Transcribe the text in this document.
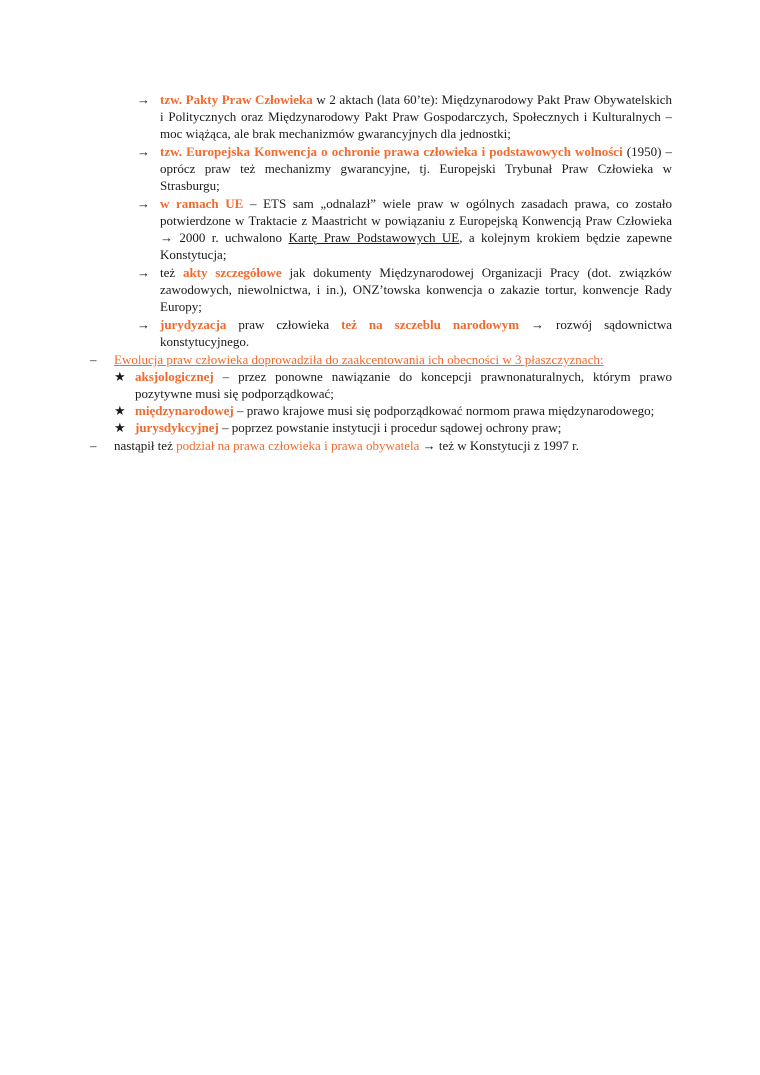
→ tzw. Pakty Praw Człowieka w 2 aktach (lata 60’te): Międzynarodowy Pakt Praw Obywatelskich i Politycznych oraz Międzynarodowy Pakt Praw Gospodarczych, Społecznych i Kulturalnych – moc wiążąca, ale brak mechanizmów gwarancyjnych dla jednostki;
→ tzw. Europejska Konwencja o ochronie prawa człowieka i podstawowych wolności (1950) – oprócz praw też mechanizmy gwarancyjne, tj. Europejski Trybunał Praw Człowieka w Strasburgu;
→ w ramach UE – ETS sam „odnalazł” wiele praw w ogólnych zasadach prawa, co zostało potwierdzone w Traktacie z Maastricht w powiązaniu z Europejską Konwencją Praw Człowieka → 2000 r. uchwalono Kartę Praw Podstawowych UE, a kolejnym krokiem będzie zapewne Konstytucja;
→ też akty szczegółowe jak dokumenty Międzynarodowej Organizacji Pracy (dot. związków zawodowych, niewolnictwa, i in.), ONZ’towska konwencja o zakazie tortur, konwencje Rady Europy;
→ jurydyzacja praw człowieka też na szczeblu narodowym → rozwój sądownictwa konstytucyjnego.
– Ewolucja praw człowieka doprowadziła do zaakcentowania ich obecności w 3 płaszczyznach:
★ aksjologicznej – przez ponowne nawiązanie do koncepcji prawnonaturalnych, którym prawo pozytywne musi się podporządkować;
★ międzynarodowej – prawo krajowe musi się podporządkować normom prawa międzynarodowego;
★ jurysdykcyjnej – poprzez powstanie instytucji i procedur sądowej ochrony praw;
– nastąpił też podział na prawa człowieka i prawa obywatela → też w Konstytucji z 1997 r.
